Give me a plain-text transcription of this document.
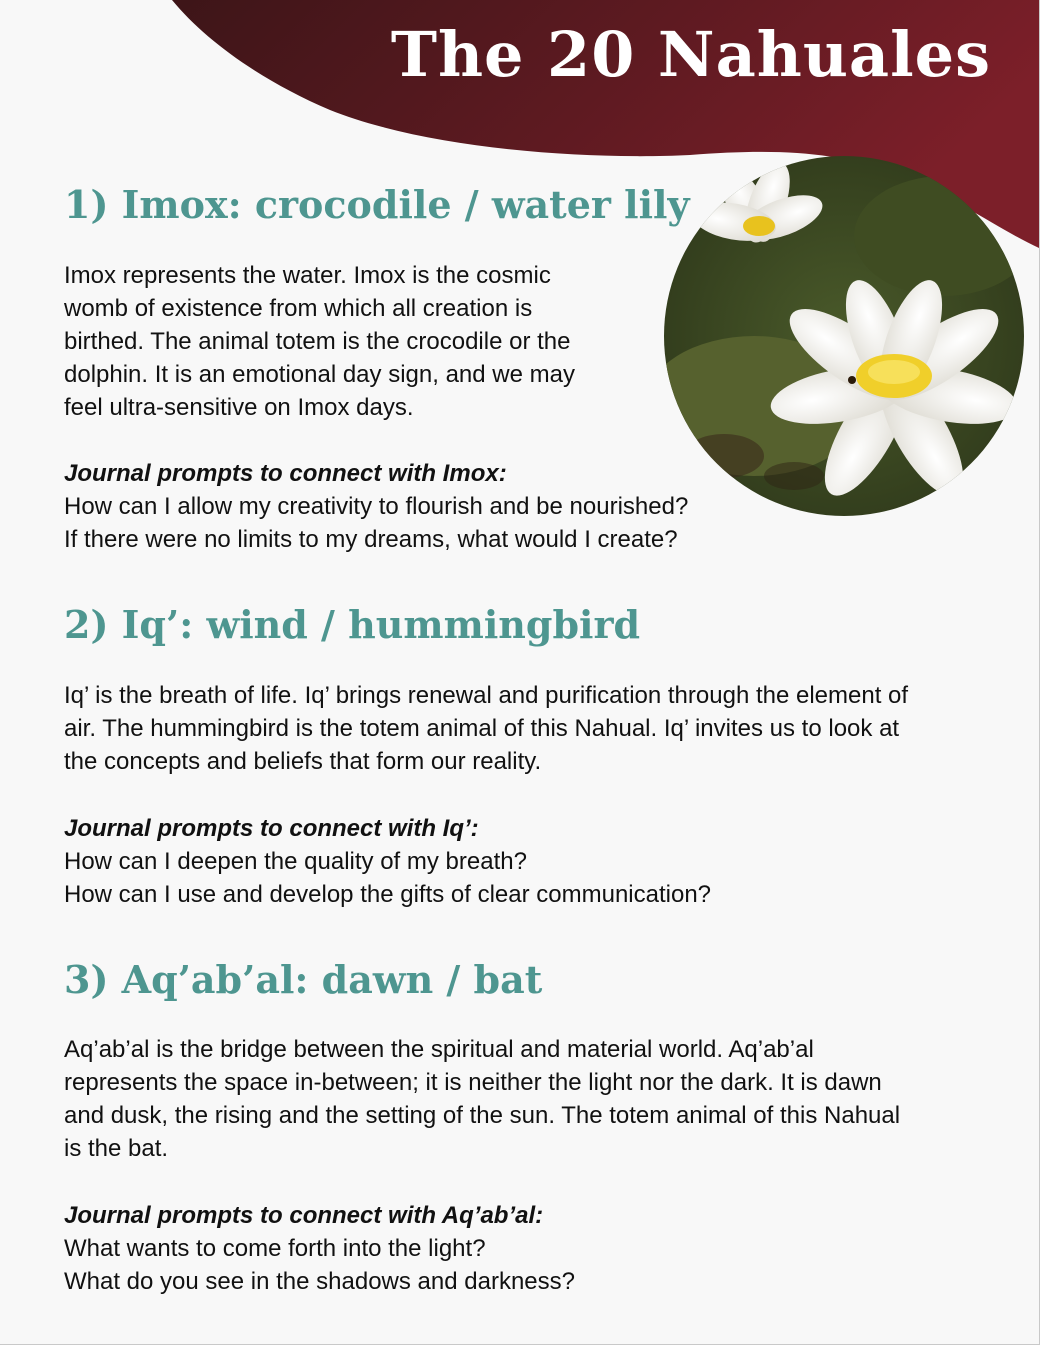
The 20 Nahuales
1) Imox: crocodile / water lily
Imox represents the water. Imox is the cosmic
womb of existence from which all creation is
birthed. The animal totem is the crocodile or the
dolphin. It is an emotional day sign, and we may
feel ultra-sensitive on Imox days.
Journal prompts to connect with Imox:
How can I allow my creativity to flourish and be nourished?
If there were no limits to my dreams, what would I create?
2) Iq’: wind / hummingbird
Iq’ is the breath of life. Iq’ brings renewal and purification through the element of
air. The hummingbird is the totem animal of this Nahual. Iq’ invites us to look at
the concepts and beliefs that form our reality.
Journal prompts to connect with Iq’:
How can I deepen the quality of my breath?
How can I use and develop the gifts of clear communication?
3) Aq’ab’al: dawn / bat
Aq’ab’al is the bridge between the spiritual and material world. Aq’ab’al
represents the space in-between; it is neither the light nor the dark. It is dawn
and dusk, the rising and the setting of the sun. The totem animal of this Nahual
is the bat.
Journal prompts to connect with Aq’ab’al:
What wants to come forth into the light?
What do you see in the shadows and darkness?
